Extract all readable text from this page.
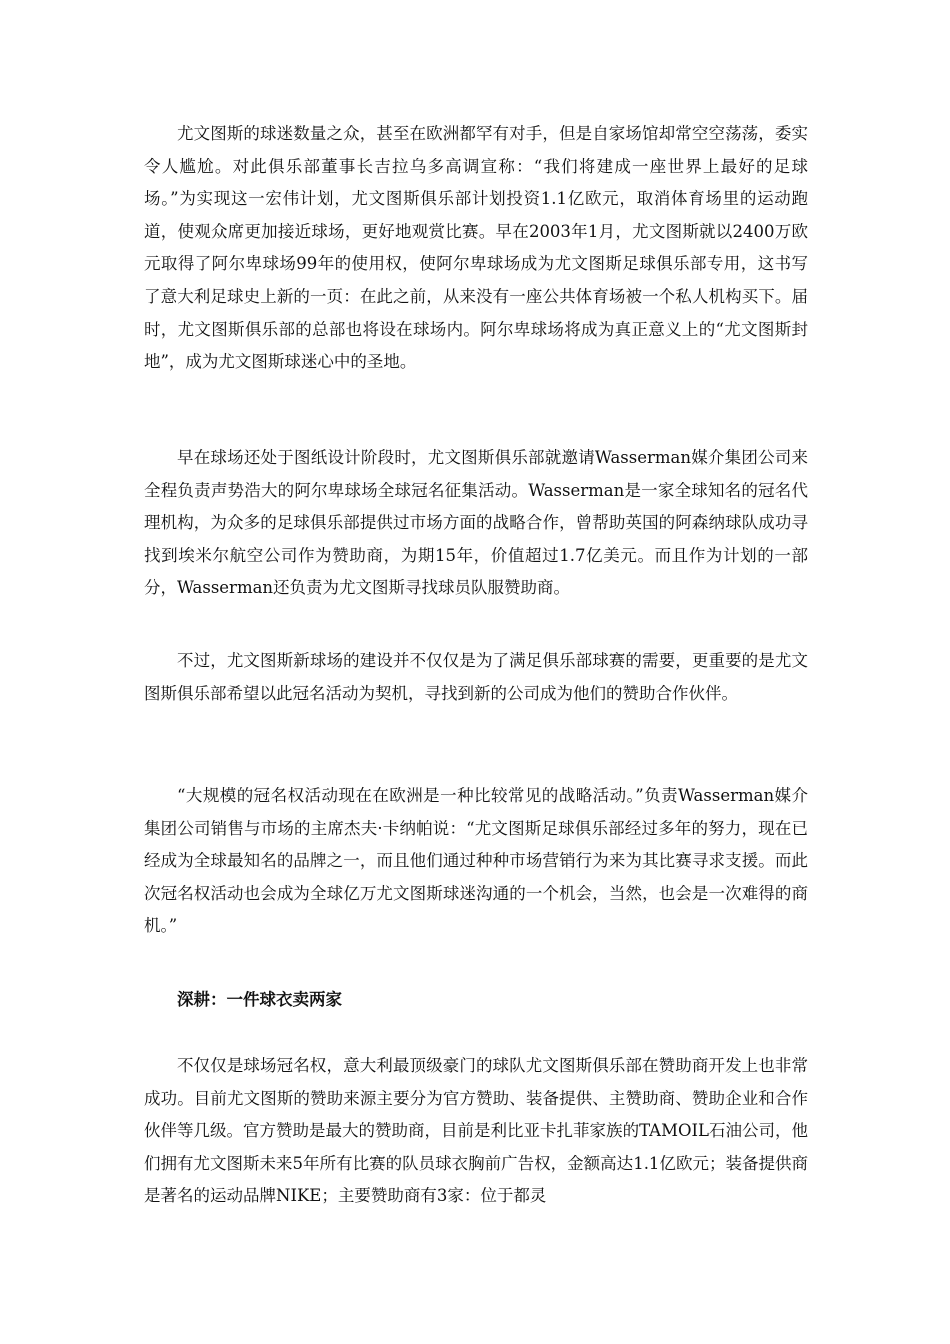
尤文图斯的球迷数量之众，甚至在欧洲都罕有对手，但是自家场馆却常空空荡荡，委实令人尴尬。对此俱乐部董事长吉拉乌多高调宣称：“我们将建成一座世界上最好的足球场。”为实现这一宏伟计划，尤文图斯俱乐部计划投资1.1亿欧元，取消体育场里的运动跑道，使观众席更加接近球场，更好地观赏比赛。早在2003年1月，尤文图斯就以2400万欧元取得了阿尔卑球场99年的使用权，使阿尔卑球场成为尤文图斯足球俱乐部专用，这书写了意大利足球史上新的一页：在此之前，从来没有一座公共体育场被一个私人机构买下。届时，尤文图斯俱乐部的总部也将设在球场内。阿尔卑球场将成为真正意义上的“尤文图斯封地”，成为尤文图斯球迷心中的圣地。

早在球场还处于图纸设计阶段时，尤文图斯俱乐部就邀请Wasserman媒介集团公司来全程负责声势浩大的阿尔卑球场全球冠名征集活动。Wasserman是一家全球知名的冠名代理机构，为众多的足球俱乐部提供过市场方面的战略合作，曾帮助英国的阿森纳球队成功寻找到埃米尔航空公司作为赞助商，为期15年，价值超过1.7亿美元。而且作为计划的一部分，Wasserman还负责为尤文图斯寻找球员队服赞助商。

不过，尤文图斯新球场的建设并不仅仅是为了满足俱乐部球赛的需要，更重要的是尤文图斯俱乐部希望以此冠名活动为契机，寻找到新的公司成为他们的赞助合作伙伴。

“大规模的冠名权活动现在在欧洲是一种比较常见的战略活动。”负责Wasserman媒介集团公司销售与市场的主席杰夫·卡纳帕说：“尤文图斯足球俱乐部经过多年的努力，现在已经成为全球最知名的品牌之一，而且他们通过种种市场营销行为来为其比赛寻求支援。而此次冠名权活动也会成为全球亿万尤文图斯球迷沟通的一个机会，当然，也会是一次难得的商机。”

深耕：一件球衣卖两家

不仅仅是球场冠名权，意大利最顶级豪门的球队尤文图斯俱乐部在赞助商开发上也非常成功。目前尤文图斯的赞助来源主要分为官方赞助、装备提供、主赞助商、赞助企业和合作伙伴等几级。官方赞助是最大的赞助商，目前是利比亚卡扎菲家族的TAMOIL石油公司，他们拥有尤文图斯未来5年所有比赛的队员球衣胸前广告权，金额高达1.1亿欧元；装备提供商是著名的运动品牌NIKE；主要赞助商有3家：位于都灵
